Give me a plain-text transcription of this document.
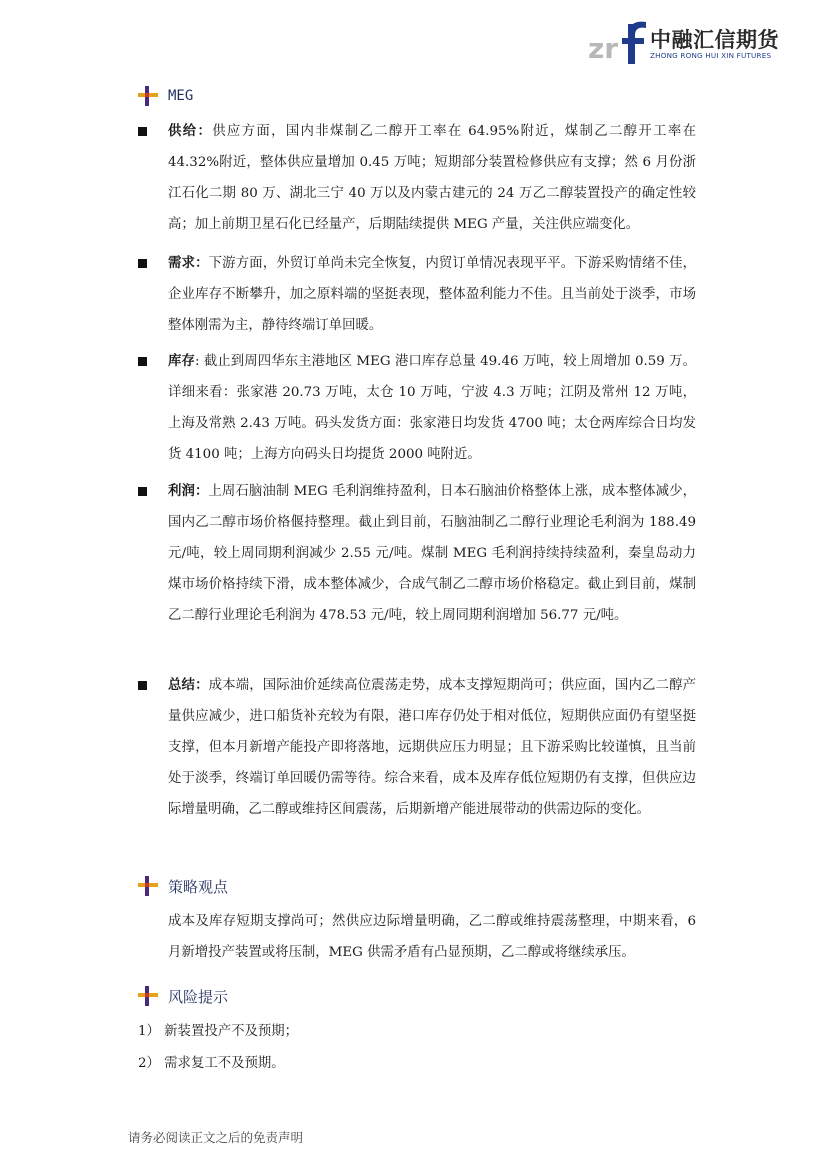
zr 中融汇信期货
ZHONG RONG HUI XIN FUTURES
MEG
供给：供应方面，国内非煤制乙二醇开工率在 64.95%附近，煤制乙二醇开工率在44.32%附近，整体供应量增加 0.45 万吨；短期部分装置检修供应有支撑；然 6 月份浙江石化二期 80 万、湖北三宁 40 万以及内蒙古建元的 24 万乙二醇装置投产的确定性较高；加上前期卫星石化已经量产，后期陆续提供 MEG 产量，关注供应端变化。
需求：下游方面，外贸订单尚未完全恢复，内贸订单情况表现平平。下游采购情绪不佳，企业库存不断攀升，加之原料端的坚挺表现，整体盈利能力不佳。且当前处于淡季，市场整体刚需为主，静待终端订单回暖。
库存: 截止到周四华东主港地区 MEG 港口库存总量 49.46 万吨，较上周增加 0.59 万。详细来看：张家港 20.73 万吨，太仓 10 万吨，宁波 4.3 万吨；江阴及常州 12 万吨，上海及常熟 2.43 万吨。码头发货方面：张家港日均发货 4700 吨；太仓两库综合日均发货 4100 吨；上海方向码头日均提货 2000 吨附近。
利润：上周石脑油制 MEG 毛利润维持盈利，日本石脑油价格整体上涨，成本整体减少，国内乙二醇市场价格偃持整理。截止到目前，石脑油制乙二醇行业理论毛利润为 188.49 元/吨，较上周同期利润减少 2.55 元/吨。煤制 MEG 毛利润持续持续盈利，秦皇岛动力煤市场价格持续下滑，成本整体减少，合成气制乙二醇市场价格稳定。截止到目前，煤制乙二醇行业理论毛利润为 478.53 元/吨，较上周同期利润增加 56.77 元/吨。
总结：成本端，国际油价延续高位震荡走势，成本支撑短期尚可；供应面，国内乙二醇产量供应减少，进口船货补充较为有限，港口库存仍处于相对低位，短期供应面仍有望坚挺支撑，但本月新增产能投产即将落地，远期供应压力明显；且下游采购比较谨慎，且当前处于淡季，终端订单回暖仍需等待。综合来看，成本及库存低位短期仍有支撑，但供应边际增量明确，乙二醇或维持区间震荡，后期新增产能进展带动的供需边际的变化。
策略观点
成本及库存短期支撑尚可；然供应边际增量明确，乙二醇或维持震荡整理，中期来看，6 月新增投产装置或将压制，MEG 供需矛盾有凸显预期，乙二醇或将继续承压。
风险提示
1） 新装置投产不及预期；
2） 需求复工不及预期。
请务必阅读正文之后的免责声明
